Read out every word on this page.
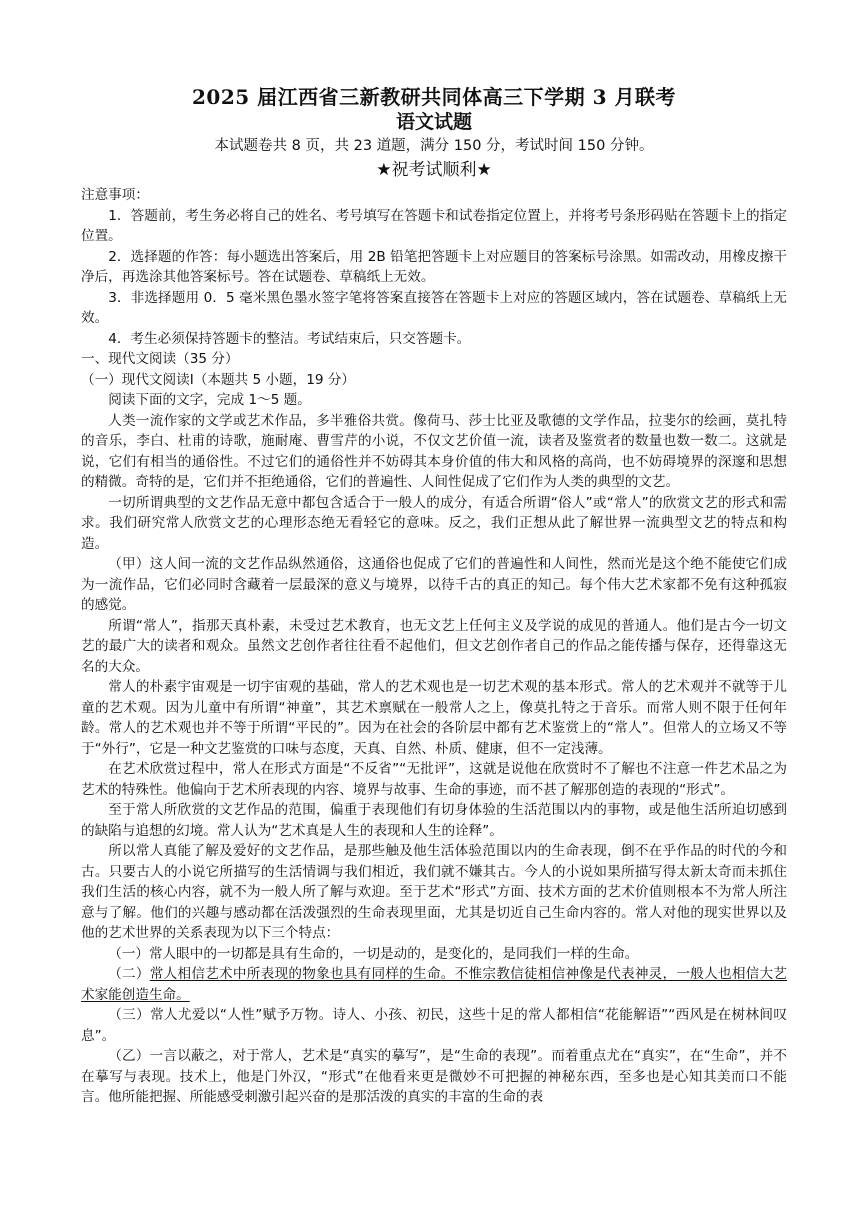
2025 届江西省三新教研共同体高三下学期 3 月联考
语文试题

本试题卷共 8 页，共 23 道题，满分 150 分，考试时间 150 分钟。

★祝考试顺利★

注意事项：

1．答题前，考生务必将自己的姓名、考号填写在答题卡和试卷指定位置上，并将考号条形码贴在答题卡上的指定位置。

2．选择题的作答：每小题选出答案后，用 2B 铅笔把答题卡上对应题目的答案标号涂黑。如需改动，用橡皮擦干净后，再选涂其他答案标号。答在试题卷、草稿纸上无效。

3．非选择题用 0．5 毫米黑色墨水签字笔将答案直接答在答题卡上对应的答题区域内，答在试题卷、草稿纸上无效。

4．考生必须保持答题卡的整洁。考试结束后，只交答题卡。

一、现代文阅读（35 分）

（一）现代文阅读Ⅰ（本题共 5 小题，19 分）

阅读下面的文字，完成 1～5 题。

人类一流作家的文学或艺术作品，多半雅俗共赏。像荷马、莎士比亚及歌德的文学作品，拉斐尔的绘画，莫扎特的音乐，李白、杜甫的诗歌，施耐庵、曹雪芹的小说，不仅文艺价值一流，读者及鉴赏者的数量也数一数二。这就是说，它们有相当的通俗性。不过它们的通俗性并不妨碍其本身价值的伟大和风格的高尚，也不妨碍境界的深邃和思想的精微。奇特的是，它们并不拒绝通俗，它们的普遍性、人间性促成了它们作为人类的典型的文艺。

一切所谓典型的文艺作品无意中都包含适合于一般人的成分，有适合所谓“俗人”或“常人”的欣赏文艺的形式和需求。我们研究常人欣赏文艺的心理形态绝无看轻它的意味。反之，我们正想从此了解世界一流典型文艺的特点和构造。

（甲）这人间一流的文艺作品纵然通俗，这通俗也促成了它们的普遍性和人间性，然而光是这个绝不能使它们成为一流作品，它们必同时含藏着一层最深的意义与境界，以待千古的真正的知己。每个伟大艺术家都不免有这种孤寂的感觉。

所谓“常人”，指那天真朴素，未受过艺术教育，也无文艺上任何主义及学说的成见的普通人。他们是古今一切文艺的最广大的读者和观众。虽然文艺创作者往往看不起他们，但文艺创作者自己的作品之能传播与保存，还得靠这无名的大众。

常人的朴素宇宙观是一切宇宙观的基础，常人的艺术观也是一切艺术观的基本形式。常人的艺术观并不就等于儿童的艺术观。因为儿童中有所谓“神童”，其艺术禀赋在一般常人之上，像莫扎特之于音乐。而常人则不限于任何年龄。常人的艺术观也并不等于所谓“平民的”。因为在社会的各阶层中都有艺术鉴赏上的“常人”。但常人的立场又不等于“外行”，它是一种文艺鉴赏的口味与态度，天真、自然、朴质、健康，但不一定浅薄。

在艺术欣赏过程中，常人在形式方面是“不反省”“无批评”，这就是说他在欣赏时不了解也不注意一件艺术品之为艺术的特殊性。他偏向于艺术所表现的内容、境界与故事、生命的事迹，而不甚了解那创造的表现的“形式”。

至于常人所欣赏的文艺作品的范围，偏重于表现他们有切身体验的生活范围以内的事物，或是他生活所迫切感到的缺陷与追想的幻境。常人认为“艺术真是人生的表现和人生的诠释”。

所以常人真能了解及爱好的文艺作品，是那些触及他生活体验范围以内的生命表现，倒不在乎作品的时代的今和古。只要古人的小说它所描写的生活情调与我们相近，我们就不嫌其古。今人的小说如果所描写得太新太奇而未抓住我们生活的核心内容，就不为一般人所了解与欢迎。至于艺术“形式”方面、技术方面的艺术价值则根本不为常人所注意与了解。他们的兴趣与感动都在活泼强烈的生命表现里面，尤其是切近自己生命内容的。常人对他的现实世界以及他的艺术世界的关系表现为以下三个特点：

（一）常人眼中的一切都是具有生命的，一切是动的，是变化的，是同我们一样的生命。

（二）常人相信艺术中所表现的物象也具有同样的生命。不惟宗教信徒相信神像是代表神灵，一般人也相信大艺术家能创造生命。

（三）常人尤爱以“人性”赋予万物。诗人、小孩、初民，这些十足的常人都相信“花能解语”“西风是在树林间叹息”。

（乙）一言以蔽之，对于常人，艺术是“真实的摹写”，是“生命的表现”。而着重点尤在“真实”，在“生命”，并不在摹写与表现。技术上，他是门外汉，“形式”在他看来更是微妙不可把握的神秘东西，至多也是心知其美而口不能言。他所能把握、所能感受刺激引起兴奋的是那活泼的真实的丰富的生命的表
